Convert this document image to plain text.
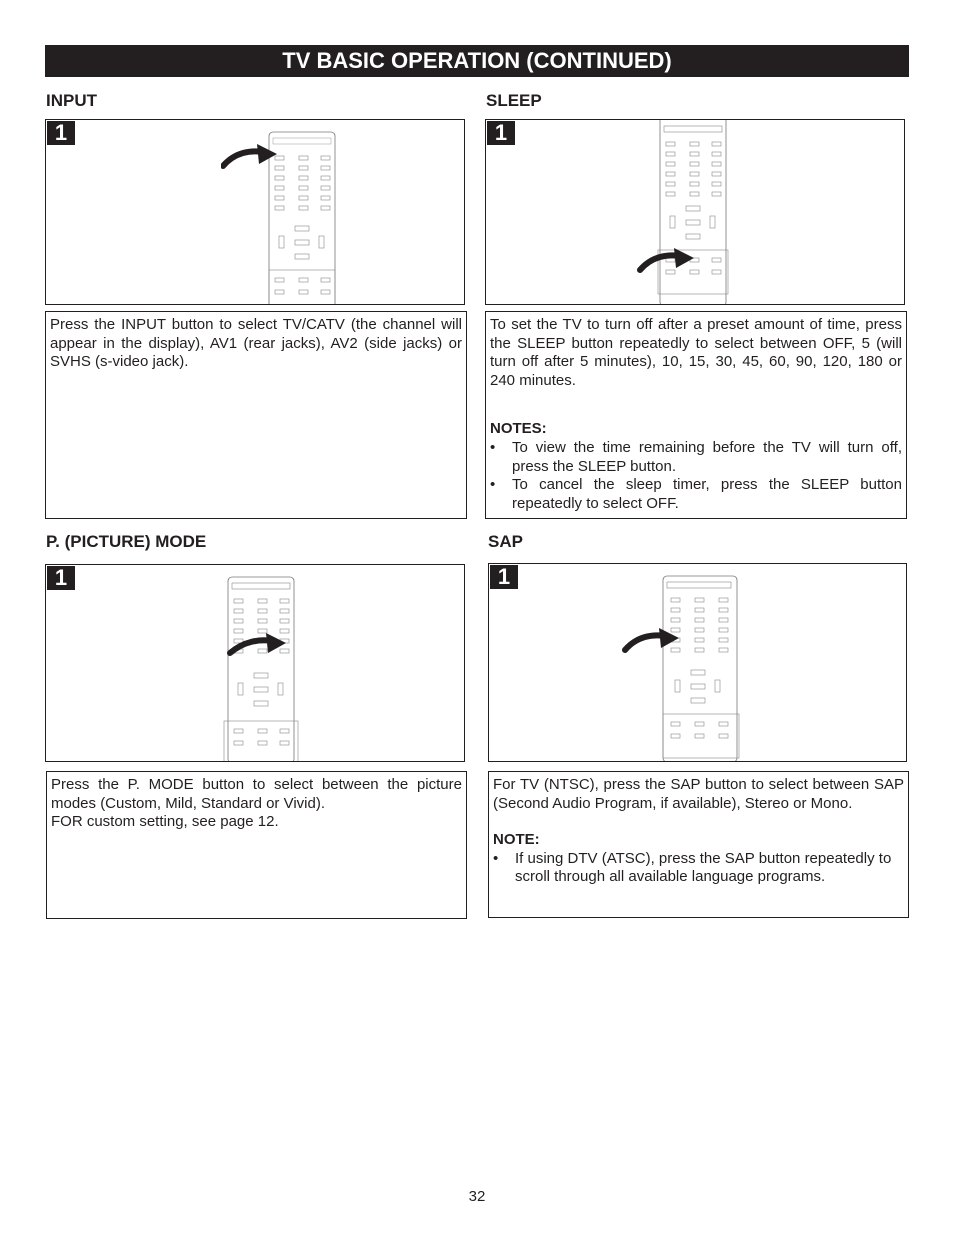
TV BASIC OPERATION (CONTINUED)
INPUT
1

Press the INPUT button to select TV/CATV (the channel will appear in the display), AV1 (rear jacks), AV2 (side jacks) or SVHS (s-video jack).

SLEEP
1

To set the TV to turn off after a preset amount of time, press the SLEEP button repeatedly to select between OFF, 5 (will turn off after 5 minutes), 10, 15, 30, 45, 60, 90, 120, 180 or 240 minutes.

NOTES:

• To view the time remaining before the TV will turn off, press the SLEEP button.

• To cancel the sleep timer, press the SLEEP button repeatedly to select OFF.

P. (PICTURE) MODE
1

Press the P. MODE button to select between the picture modes (Custom, Mild, Standard or Vivid).

FOR custom setting, see page 12.

SAP
1

For TV (NTSC), press the SAP button to select between SAP (Second Audio Program, if available), Stereo or Mono.

NOTE:

• If using DTV (ATSC), press the SAP button repeatedly to scroll through all available language programs.

32
